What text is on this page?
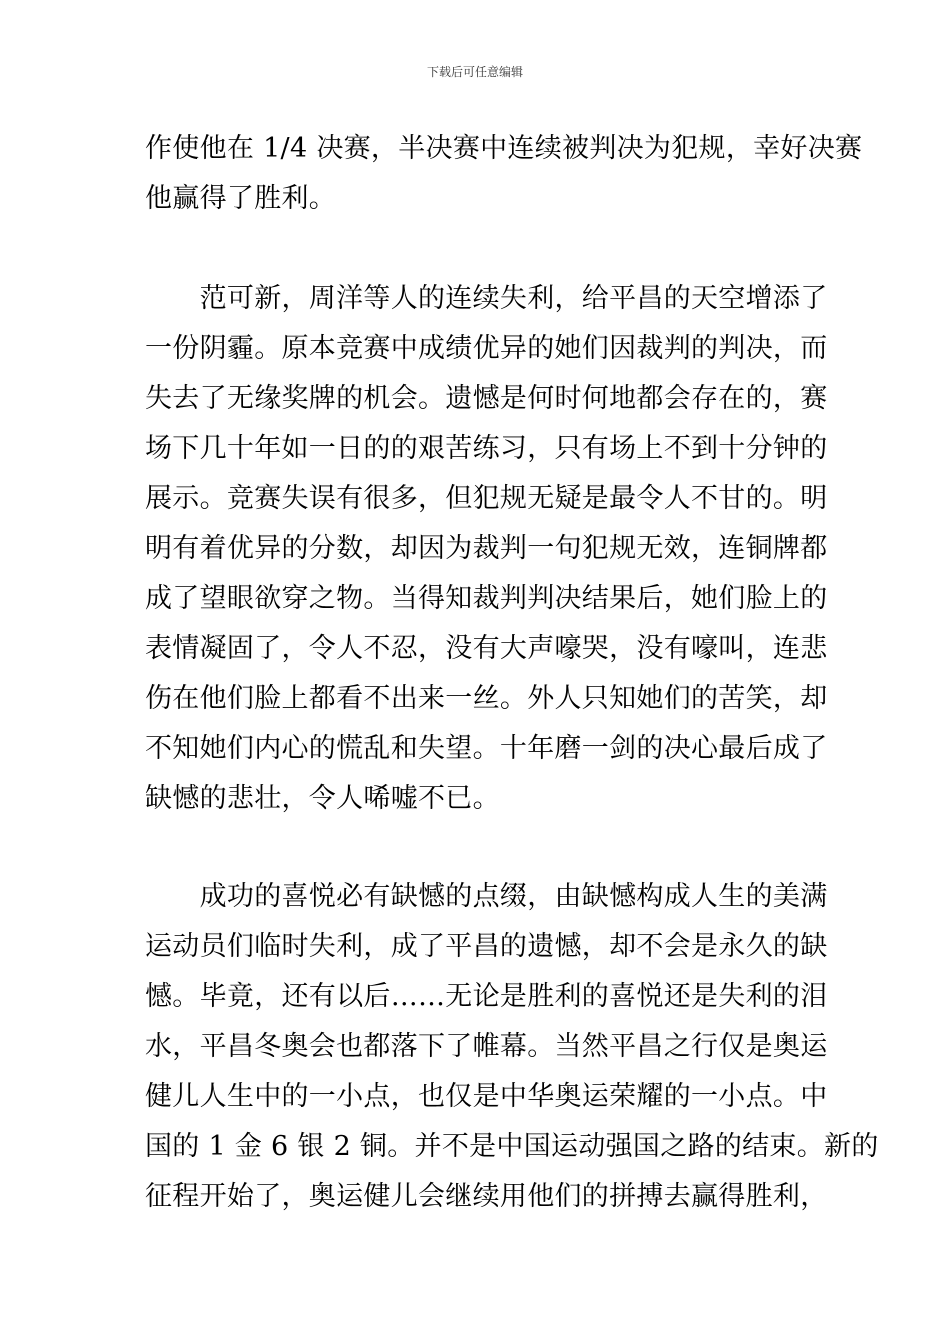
下载后可任意编辑
作使他在 1/4 决赛，半决赛中连续被判决为犯规，幸好决赛
他赢得了胜利。
　　范可新，周洋等人的连续失利，给平昌的天空增添了
一份阴霾。原本竞赛中成绩优异的她们因裁判的判决，而
失去了无缘奖牌的机会。遗憾是何时何地都会存在的，赛
场下几十年如一日的的艰苦练习，只有场上不到十分钟的
展示。竞赛失误有很多，但犯规无疑是最令人不甘的。明
明有着优异的分数，却因为裁判一句犯规无效，连铜牌都
成了望眼欲穿之物。当得知裁判判决结果后，她们脸上的
表情凝固了，令人不忍，没有大声嚎哭，没有嚎叫，连悲
伤在他们脸上都看不出来一丝。外人只知她们的苦笑，却
不知她们内心的慌乱和失望。十年磨一剑的决心最后成了
缺憾的悲壮，令人唏嘘不已。
　　成功的喜悦必有缺憾的点缀，由缺憾构成人生的美满
运动员们临时失利，成了平昌的遗憾，却不会是永久的缺
憾。毕竟，还有以后……无论是胜利的喜悦还是失利的泪
水，平昌冬奥会也都落下了帷幕。当然平昌之行仅是奥运
健儿人生中的一小点，也仅是中华奥运荣耀的一小点。中
国的 1 金 6 银 2 铜。并不是中国运动强国之路的结束。新的
征程开始了，奥运健儿会继续用他们的拼搏去赢得胜利，
